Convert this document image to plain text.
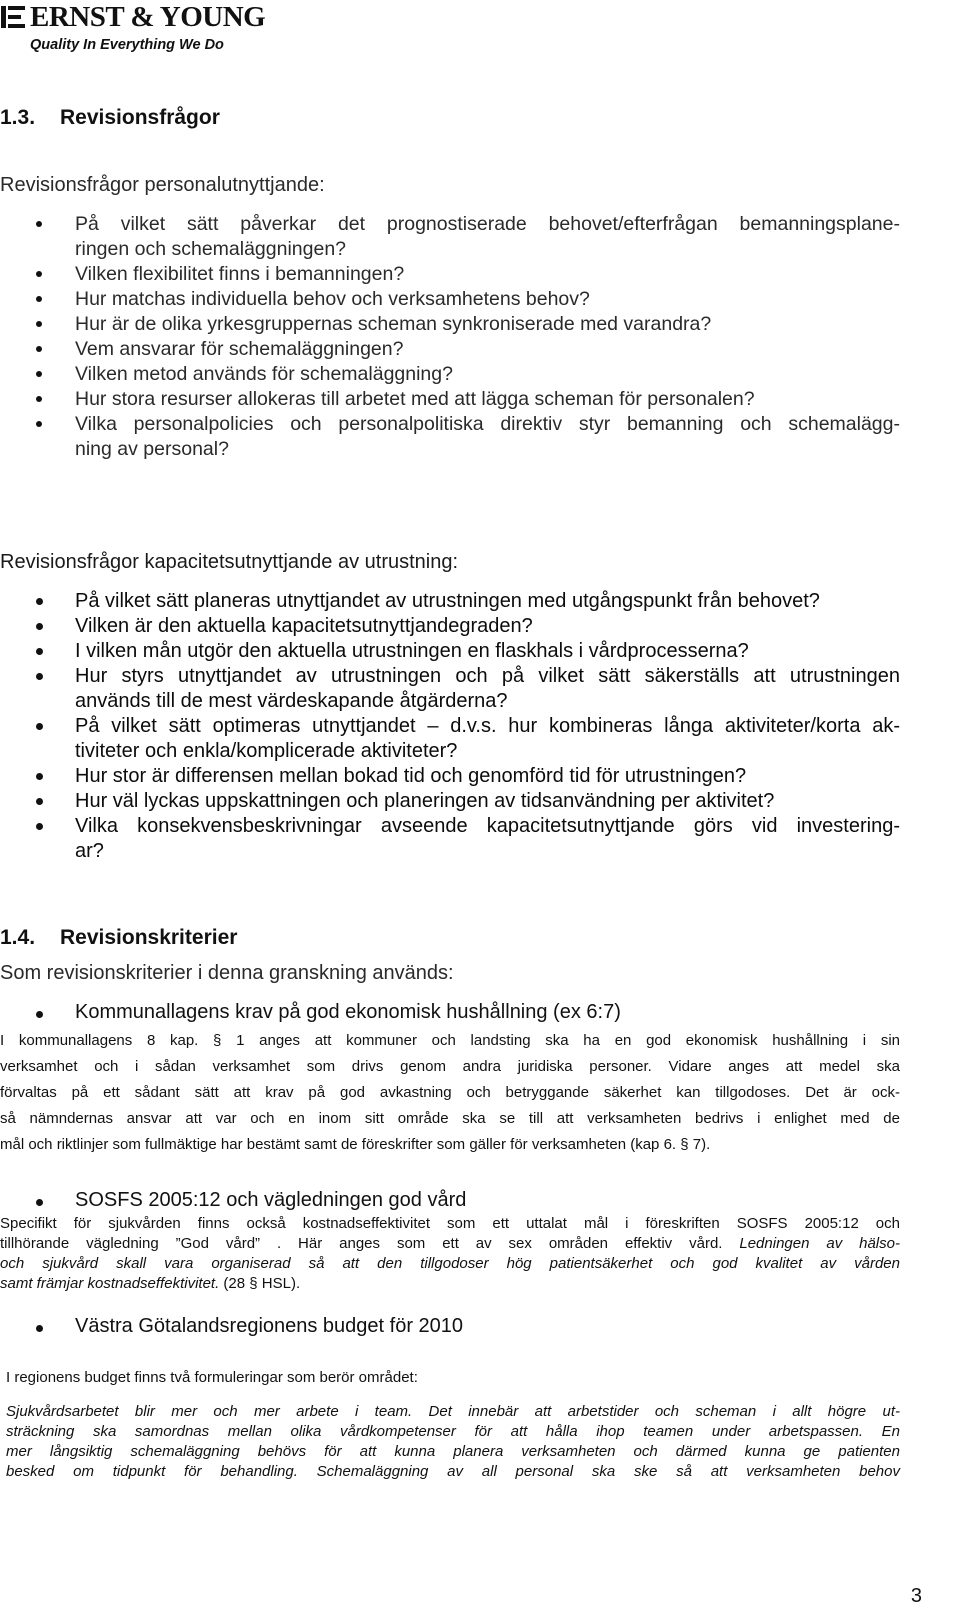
ERNST & YOUNG
Quality In Everything We Do
1.3. Revisionsfrågor
Revisionsfrågor personalutnyttjande:
På vilket sätt påverkar det prognostiserade behovet/efterfrågan bemanningsplane-
ringen och schemaläggningen?
Vilken flexibilitet finns i bemanningen?
Hur matchas individuella behov och verksamhetens behov?
Hur är de olika yrkesgruppernas scheman synkroniserade med varandra?
Vem ansvarar för schemaläggningen?
Vilken metod används för schemaläggning?
Hur stora resurser allokeras till arbetet med att lägga scheman för personalen?
Vilka personalpolicies och personalpolitiska direktiv styr bemanning och schemalägg-
ning av personal?
Revisionsfrågor kapacitetsutnyttjande av utrustning:
På vilket sätt planeras utnyttjandet av utrustningen med utgångspunkt från behovet?
Vilken är den aktuella kapacitetsutnyttjandegraden?
I vilken mån utgör den aktuella utrustningen en flaskhals i vårdprocesserna?
Hur styrs utnyttjandet av utrustningen och på vilket sätt säkerställs att utrustningen
används till de mest värdeskapande åtgärderna?
På vilket sätt optimeras utnyttjandet – d.v.s. hur kombineras långa aktiviteter/korta ak-
tiviteter och enkla/komplicerade aktiviteter?
Hur stor är differensen mellan bokad tid och genomförd tid för utrustningen?
Hur väl lyckas uppskattningen och planeringen av tidsanvändning per aktivitet?
Vilka konsekvensbeskrivningar avseende kapacitetsutnyttjande görs vid investering-
ar?
1.4. Revisionskriterier
Som revisionskriterier i denna granskning används:
Kommunallagens krav på god ekonomisk hushållning (ex 6:7)
I kommunallagens 8 kap. § 1 anges att kommuner och landsting ska ha en god ekonomisk hushållning i sin
verksamhet och i sådan verksamhet som drivs genom andra juridiska personer. Vidare anges att medel ska
förvaltas på ett sådant sätt att krav på god avkastning och betryggande säkerhet kan tillgodoses. Det är ock-
så nämndernas ansvar att var och en inom sitt område ska se till att verksamheten bedrivs i enlighet med de
mål och riktlinjer som fullmäktige har bestämt samt de föreskrifter som gäller för verksamheten (kap 6. § 7).
SOSFS 2005:12 och vägledningen god vård
Specifikt för sjukvården finns också kostnadseffektivitet som ett uttalat mål i föreskriften SOSFS 2005:12 och
tillhörande vägledning ”God vård” . Här anges som ett av sex områden effektiv vård. Ledningen av hälso-
och sjukvård skall vara organiserad så att den tillgodoser hög patientsäkerhet och god kvalitet av vården
samt främjar kostnadseffektivitet. (28 § HSL).
Västra Götalandsregionens budget för 2010
I regionens budget finns två formuleringar som berör området:
Sjukvårdsarbetet blir mer och mer arbete i team. Det innebär att arbetstider och scheman i allt högre ut-
sträckning ska samordnas mellan olika vårdkompetenser för att hålla ihop teamen under arbetspassen. En
mer långsiktig schemaläggning behövs för att kunna planera verksamheten och därmed kunna ge patienten
besked om tidpunkt för behandling. Schemaläggning av all personal ska ske så att verksamheten behov
3
